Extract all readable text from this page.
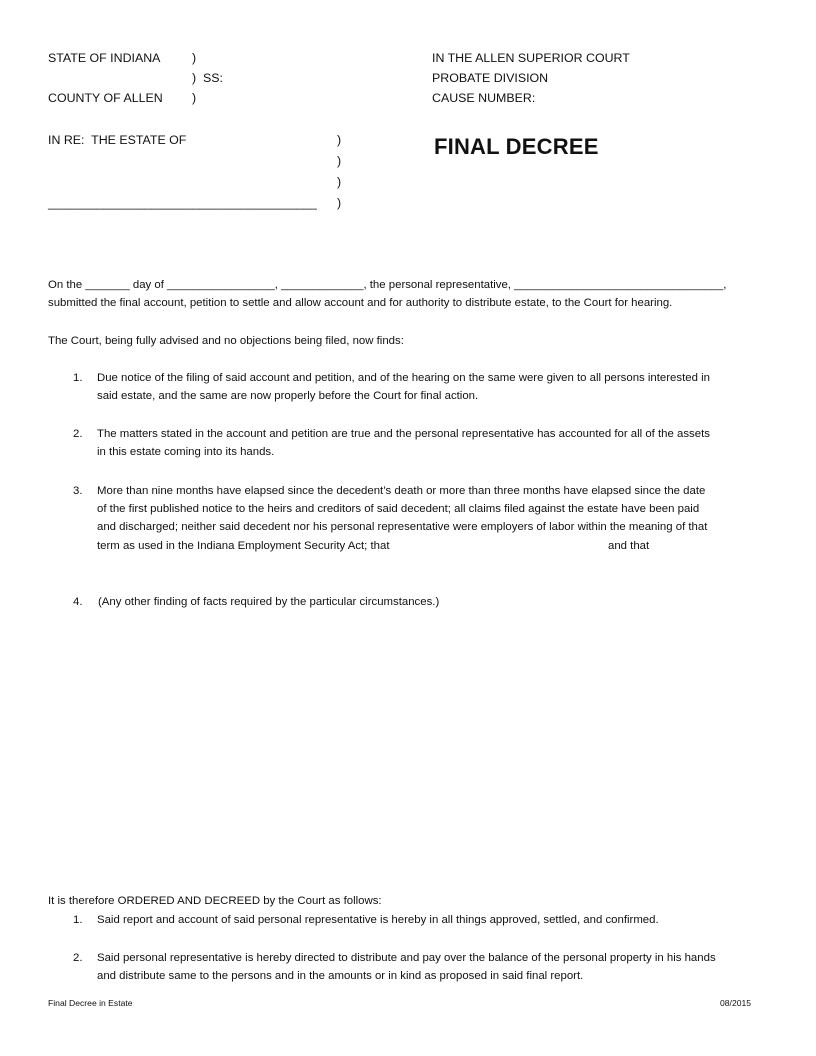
STATE OF INDIANA	)
)  SS:
COUNTY OF ALLEN )
IN THE ALLEN SUPERIOR COURT
PROBATE DIVISION
CAUSE NUMBER:
IN RE:  THE ESTATE OF	)
)
)
_______________________________________ )
FINAL DECREE
On the _______ day of _________________, _____________, the personal representative, _________________________________,
submitted the final account, petition to settle and allow account and for authority to distribute estate, to the Court for hearing.
The Court, being fully advised and no objections being filed, now finds:
1. Due notice of the filing of said account and petition, and of the hearing on the same were given to all persons interested in
said estate, and the same are now properly before the Court for final action.
2. The matters stated in the account and petition are true and the personal representative has accounted for all of the assets
in this estate coming into its hands.
3. More than nine months have elapsed since the decedent’s death or more than three months have elapsed since the date
of the first published notice to the heirs and creditors of said decedent; all claims filed against the estate have been paid
and discharged; neither said decedent nor his personal representative were employers of labor within the meaning of that
term as used in the Indiana Employment Security Act; that	and that
4. (Any other finding of facts required by the particular circumstances.)
It is therefore ORDERED AND DECREED by the Court as follows:
1. Said report and account of said personal representative is hereby in all things approved, settled, and confirmed.
2. Said personal representative is hereby directed to distribute and pay over the balance of the personal property in his hands
and distribute same to the persons and in the amounts or in kind as proposed in said final report.
Final Decree in Estate	08/2015
